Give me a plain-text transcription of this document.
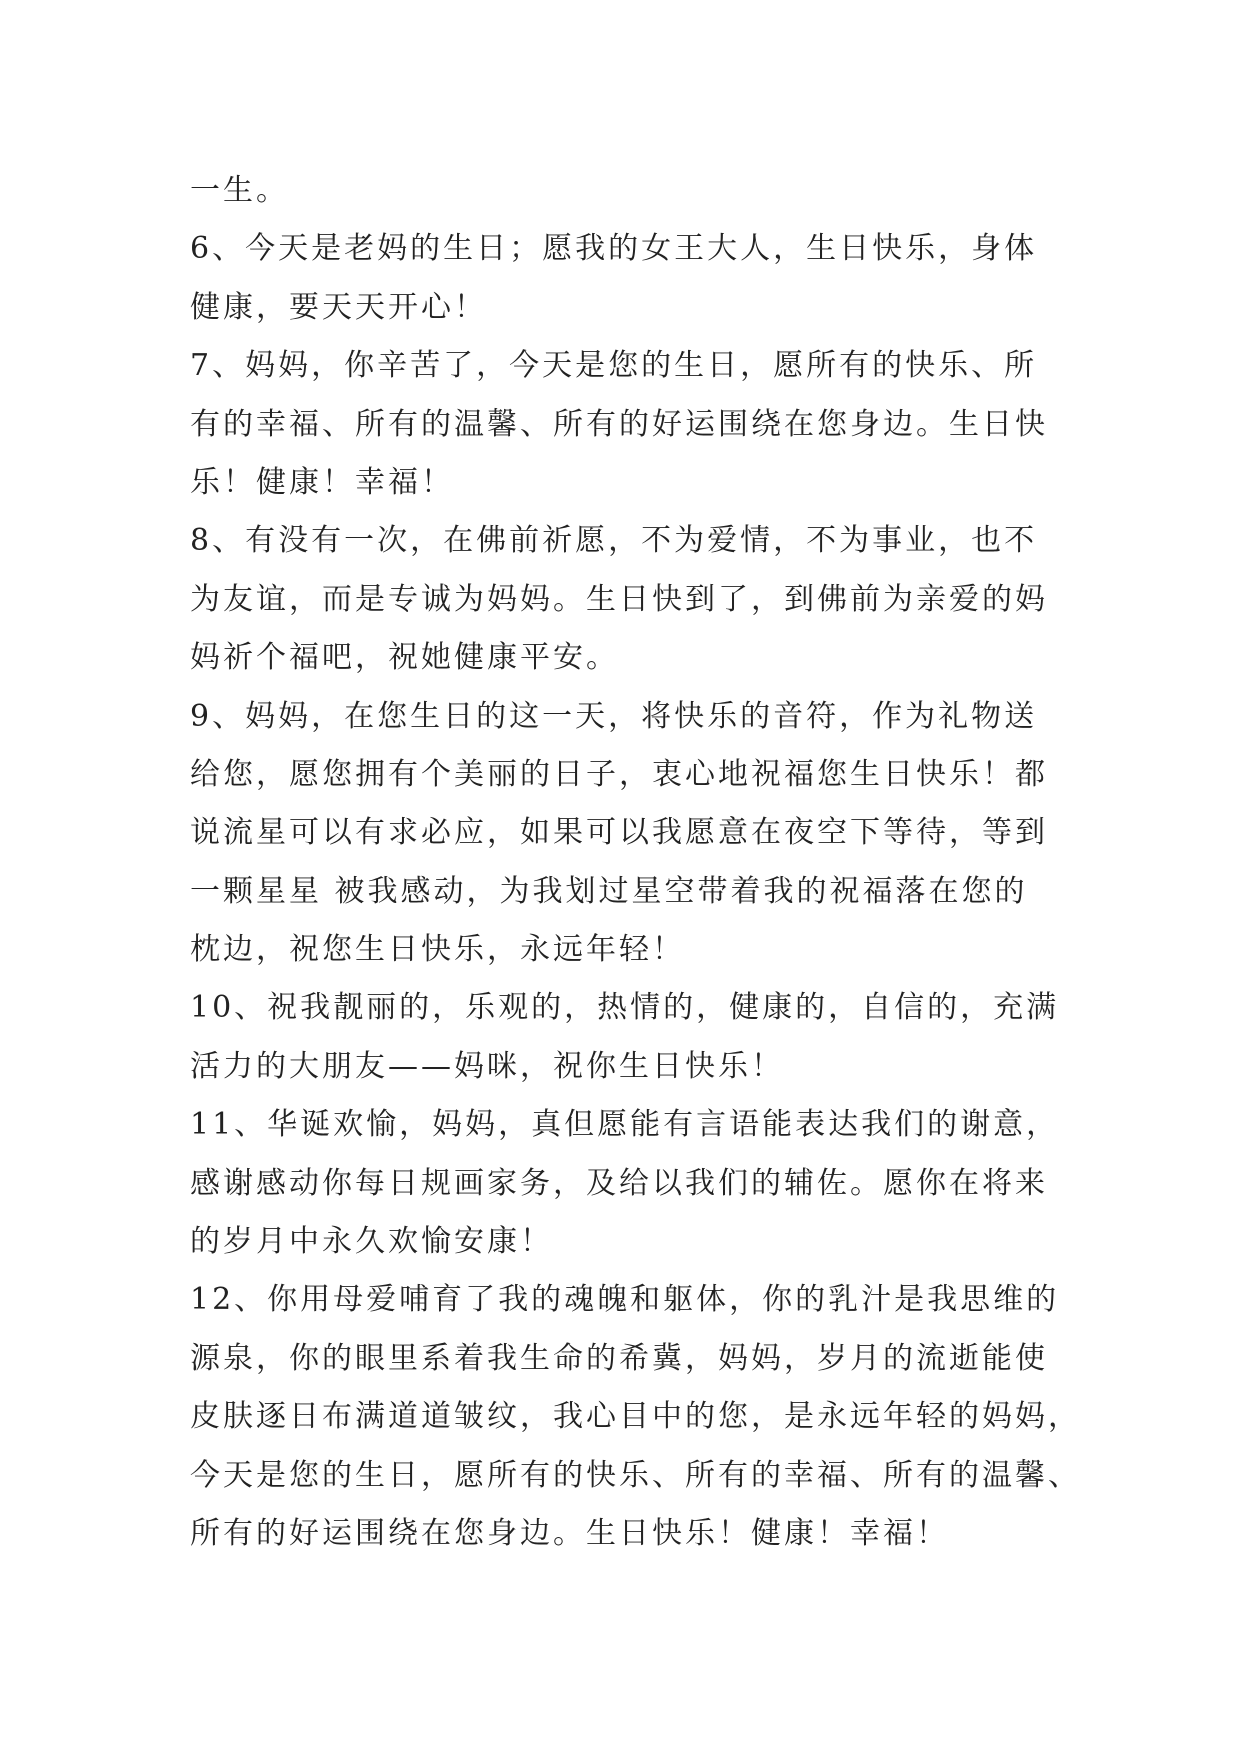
一生。
6、今天是老妈的生日；愿我的女王大人，生日快乐，身体
健康，要天天开心！
7、妈妈，你辛苦了，今天是您的生日，愿所有的快乐、所
有的幸福、所有的温馨、所有的好运围绕在您身边。生日快
乐！健康！幸福！
8、有没有一次，在佛前祈愿，不为爱情，不为事业，也不
为友谊，而是专诚为妈妈。生日快到了，到佛前为亲爱的妈
妈祈个福吧，祝她健康平安。
9、妈妈，在您生日的这一天，将快乐的音符，作为礼物送
给您，愿您拥有个美丽的日子，衷心地祝福您生日快乐！都
说流星可以有求必应，如果可以我愿意在夜空下等待，等到
一颗星星 被我感动，为我划过星空带着我的祝福落在您的
枕边，祝您生日快乐，永远年轻！
10、祝我靓丽的，乐观的，热情的，健康的，自信的，充满
活力的大朋友——妈咪，祝你生日快乐！
11、华诞欢愉，妈妈，真但愿能有言语能表达我们的谢意，
感谢感动你每日规画家务，及给以我们的辅佐。愿你在将来
的岁月中永久欢愉安康！
12、你用母爱哺育了我的魂魄和躯体，你的乳汁是我思维的
源泉，你的眼里系着我生命的希冀，妈妈，岁月的流逝能使
皮肤逐日布满道道皱纹，我心目中的您，是永远年轻的妈妈，
今天是您的生日，愿所有的快乐、所有的幸福、所有的温馨、
所有的好运围绕在您身边。生日快乐！健康！幸福！
